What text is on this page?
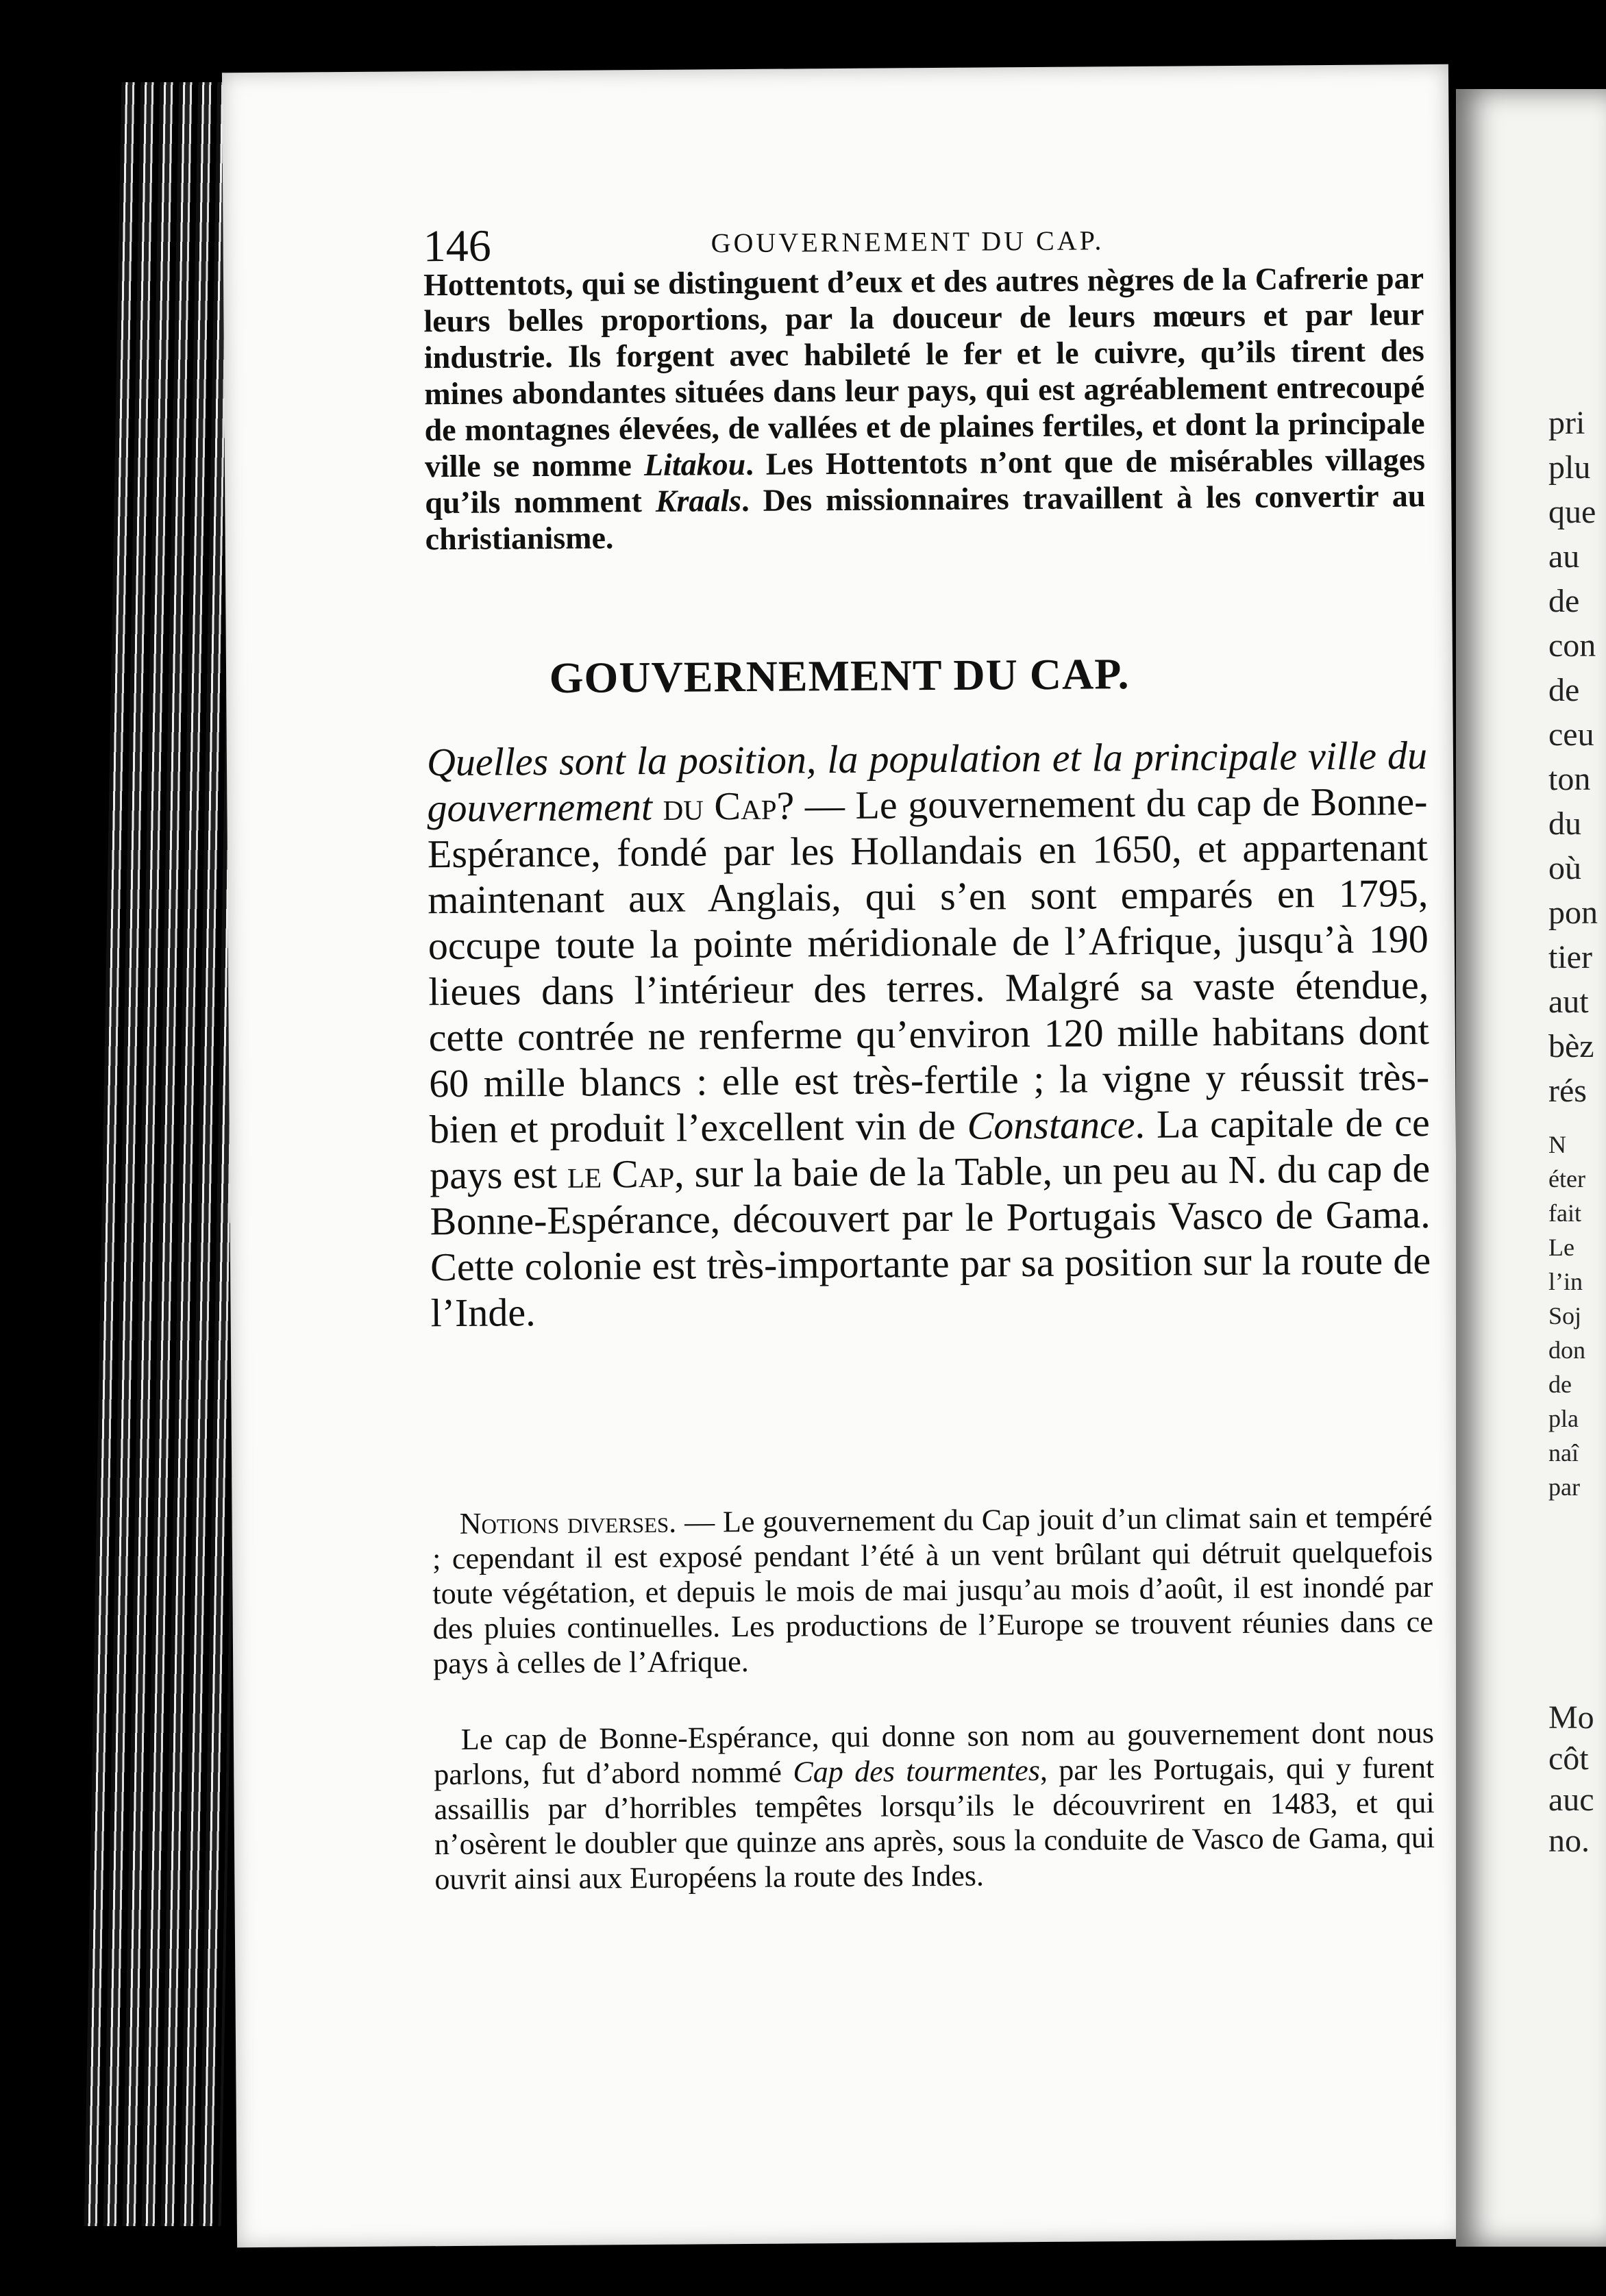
146	GOUVERNEMENT DU CAP.

Hottentots, qui se distinguent d’eux et des autres nègres de la Cafrerie par leurs belles proportions, par la douceur de leurs mœurs et par leur industrie. Ils forgent avec habileté le fer et le cuivre, qu’ils tirent des mines abondantes situées dans leur pays, qui est agréablement entrecoupé de montagnes élevées, de vallées et de plaines fertiles, et dont la principale ville se nomme Litakou. Les Hottentots n’ont que de misérables villages qu’ils nomment Kraals. Des missionnaires travaillent à les convertir au christianisme.

GOUVERNEMENT DU CAP.

Quelles sont la position, la population et la principale ville du gouvernement du Cap? — Le gouvernement du cap de Bonne-Espérance, fondé par les Hollandais en 1650, et appartenant maintenant aux Anglais, qui s’en sont emparés en 1795, occupe toute la pointe méridionale de l’Afrique, jusqu’à 190 lieues dans l’intérieur des terres. Malgré sa vaste étendue, cette contrée ne renferme qu’environ 120 mille habitans dont 60 mille blancs : elle est très-fertile ; la vigne y réussit très-bien et produit l’excellent vin de Constance. La capitale de ce pays est le Cap, sur la baie de la Table, un peu au N. du cap de Bonne-Espérance, découvert par le Portugais Vasco de Gama. Cette colonie est très-importante par sa position sur la route de l’Inde.

Notions diverses. — Le gouvernement du Cap jouit d’un climat sain et tempéré ; cependant il est exposé pendant l’été à un vent brûlant qui détruit quelquefois toute végétation, et depuis le mois de mai jusqu’au mois d’août, il est inondé par des pluies continuelles. Les productions de l’Europe se trouvent réunies dans ce pays à celles de l’Afrique.

Le cap de Bonne-Espérance, qui donne son nom au gouvernement dont nous parlons, fut d’abord nommé Cap des tourmentes, par les Portugais, qui y furent assaillis par d’horribles tempêtes lorsqu’ils le découvrirent en 1483, et qui n’osèrent le doubler que quinze ans après, sous la conduite de Vasco de Gama, qui ouvrit ainsi aux Européens la route des Indes.

pri
plu
que
au
de
con
de
ceu
ton
du
où
pon
tier
aut
bèz
rés
N
éter
fait
Le
l’in
Soj
don
de
pla
naî
par
Mo
côt
auc
no.
